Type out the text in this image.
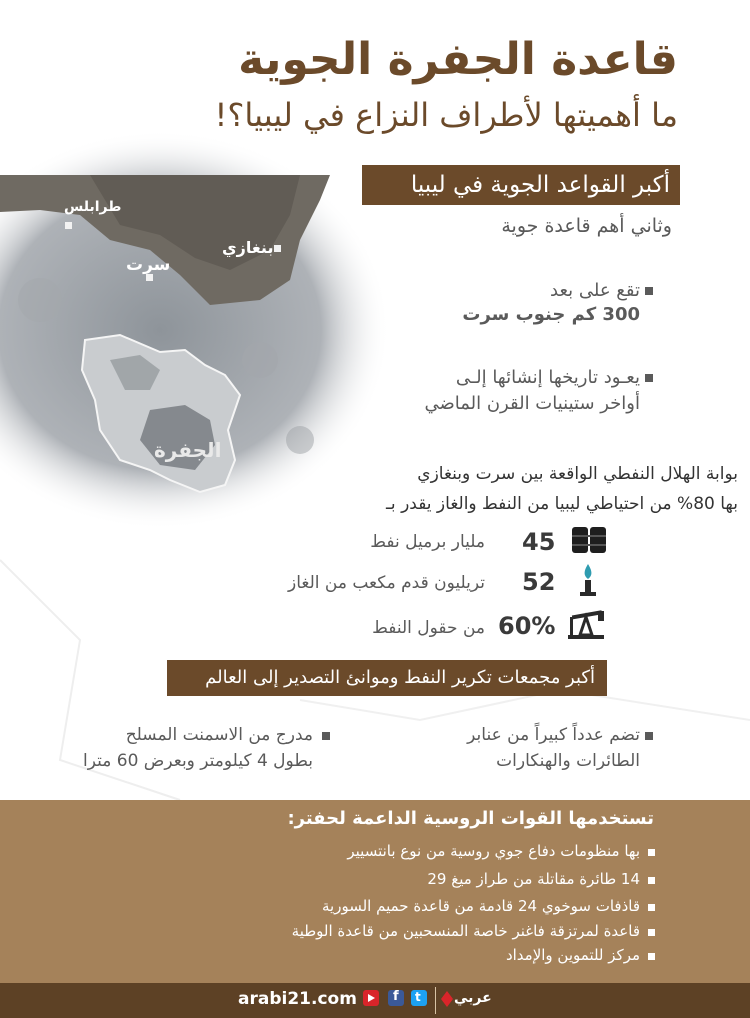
طرابلس
سرت
بنغازي
الجفرة
قاعدة الجفرة الجوية
ما أهميتها لأطراف النزاع في ليبيا؟!
أكبر القواعد الجوية في ليبيا
وثاني أهم قاعدة جوية
تقع على بعد
300 كم جنوب سرت
يعـود تاريخها إنشائها إلـى
أواخر ستينيات القرن الماضي
بوابة الهلال النفطي الواقعة بين سرت وبنغازي
بها 80% من احتياطي ليبيا من النفط والغاز يقدر بـ
45
مليار برميل نفط
52
تريليون قدم مكعب من الغاز
60%
من حقول النفط
أكبر مجمعات تكرير النفط وموانئ التصدير إلى العالم
تضم عدداً كبيراً من عنابر
الطائرات والهنكارات
مدرج من الاسمنت المسلح
بطول 4 كيلومتر وبعرض 60 مترا
تستخدمها القوات الروسية الداعمة لحفتر:
بها منظومات دفاع جوي روسية من نوع بانتسيير
14 طائرة مقاتلة من طراز ميغ 29
قاذفات سوخوي 24 قادمة من قاعدة حميم السورية
قاعدة لمرتزقة فاغنر خاصة المنسحبين من قاعدة الوطية
مركز للتموين والإمداد
arabi21.com	f t عربي
